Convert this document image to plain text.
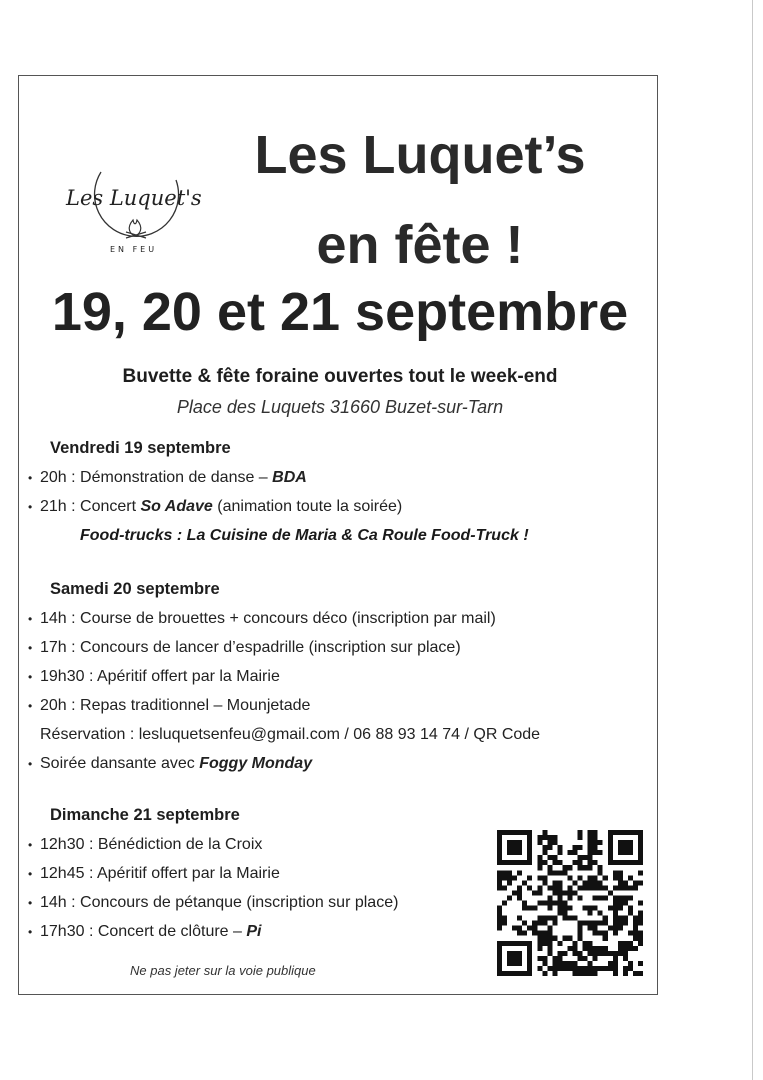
Les Luquet's
EN FEU
Les Luquet’s
en fête !
19, 20 et 21 septembre
Buvette & fête foraine ouvertes tout le week-end
Place des Luquets 31660 Buzet-sur-Tarn
Vendredi 19 septembre
• 20h : Démonstration de danse – BDA
• 21h : Concert So Adave (animation toute la soirée)
Food-trucks : La Cuisine de Maria & Ca Roule Food-Truck !
Samedi 20 septembre
• 14h : Course de brouettes + concours déco (inscription par mail)
• 17h : Concours de lancer d’espadrille (inscription sur place)
• 19h30 : Apéritif offert par la Mairie
• 20h : Repas traditionnel – Mounjetade
Réservation : lesluquetsenfeu@gmail.com / 06 88 93 14 74 / QR Code
• Soirée dansante avec Foggy Monday
Dimanche 21 septembre
• 12h30 : Bénédiction de la Croix
• 12h45 : Apéritif offert par la Mairie
• 14h : Concours de pétanque (inscription sur place)
• 17h30 : Concert de clôture – Pi
Ne pas jeter sur la voie publique
